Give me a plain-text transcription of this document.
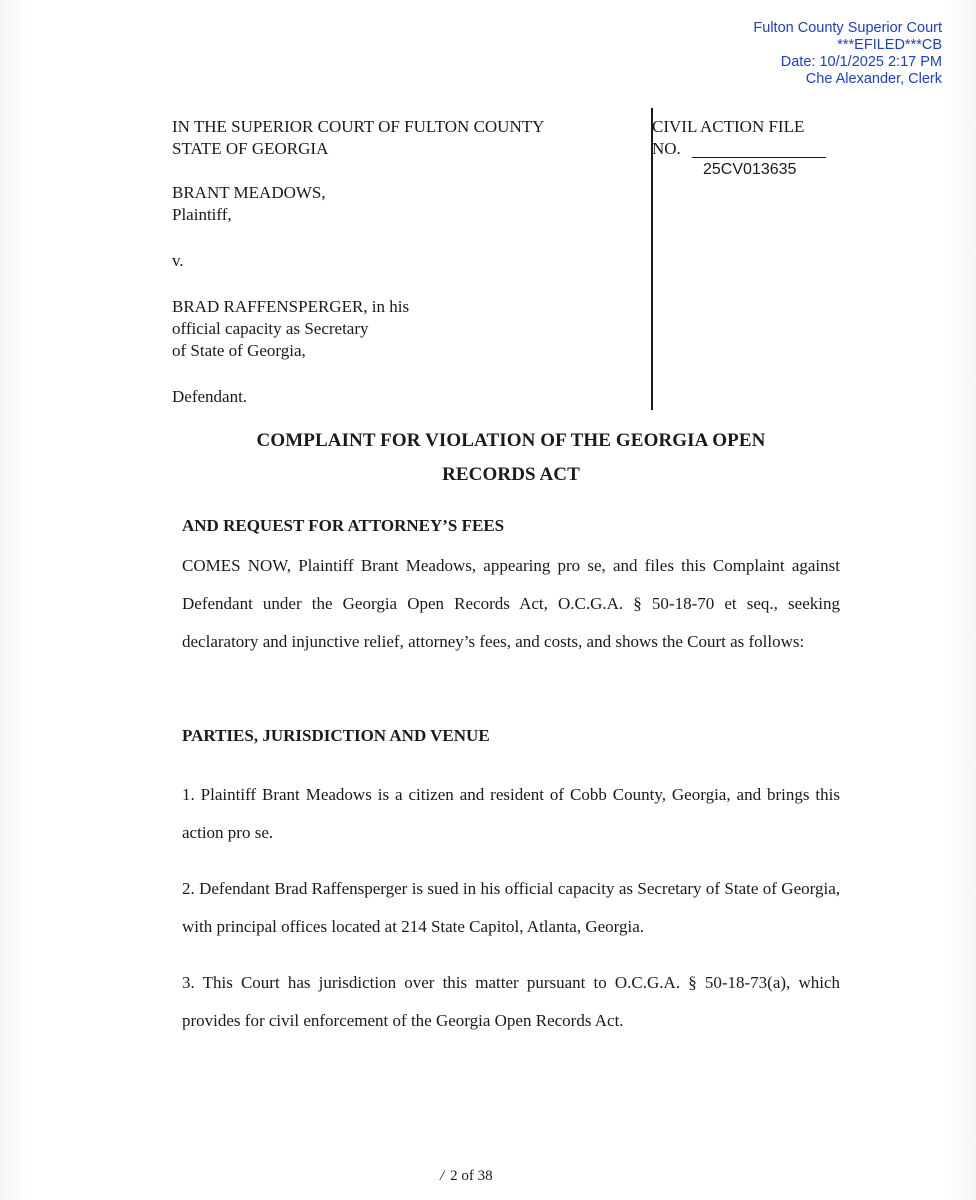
Fulton County Superior Court
***EFILED***CB
Date: 10/1/2025 2:17 PM
Che Alexander, Clerk
IN THE SUPERIOR COURT OF FULTON COUNTY
STATE OF GEORGIA
BRANT MEADOWS,
Plaintiff,
v.
BRAD RAFFENSPERGER, in his
official capacity as Secretary
of State of Georgia,
Defendant.
CIVIL ACTION FILE
NO.
25CV013635
COMPLAINT FOR VIOLATION OF THE GEORGIA OPEN
RECORDS ACT
AND REQUEST FOR ATTORNEY’S FEES
COMES NOW, Plaintiff Brant Meadows, appearing pro se, and files this Complaint against Defendant under the Georgia Open Records Act, O.C.G.A. § 50-18-70 et seq., seeking declaratory and injunctive relief, attorney’s fees, and costs, and shows the Court as follows:
PARTIES, JURISDICTION AND VENUE
1. Plaintiff Brant Meadows is a citizen and resident of Cobb County, Georgia, and brings this action pro se.
2. Defendant Brad Raffensperger is sued in his official capacity as Secretary of State of Georgia, with principal offices located at 214 State Capitol, Atlanta, Georgia.
3. This Court has jurisdiction over this matter pursuant to O.C.G.A. § 50-18-73(a), which provides for civil enforcement of the Georgia Open Records Act.
/ 2 of 38
